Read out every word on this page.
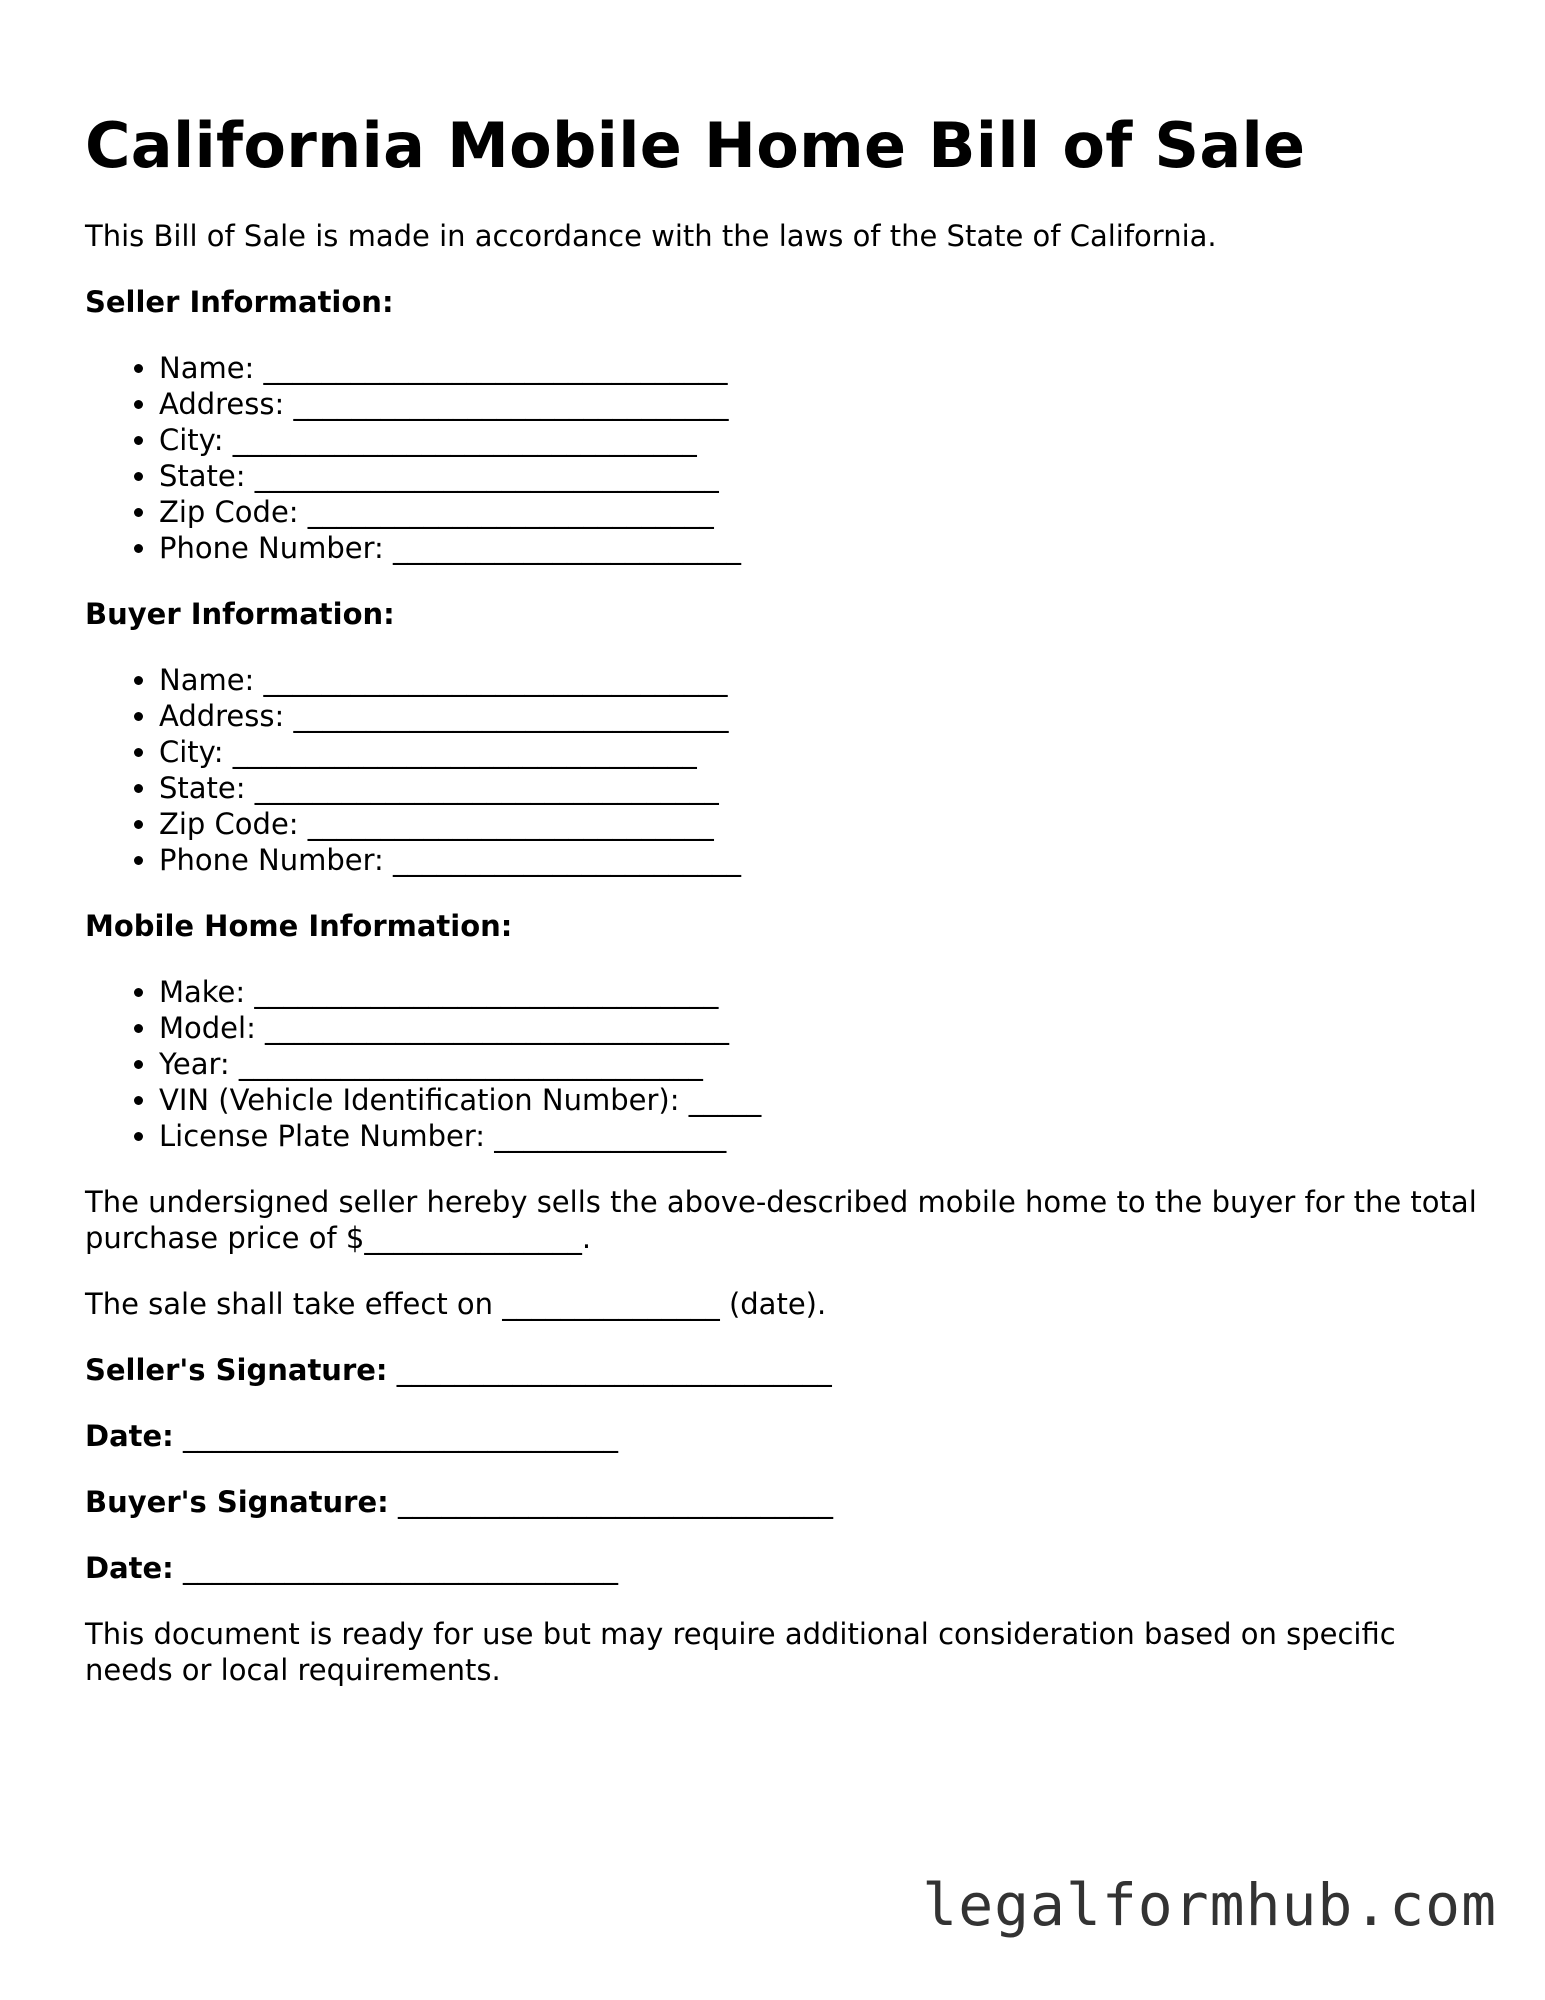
California Mobile Home Bill of Sale

This Bill of Sale is made in accordance with the laws of the State of California.

Seller Information:
• Name: ________________________________
• Address: ______________________________
• City: ________________________________
• State: ________________________________
• Zip Code: ____________________________
• Phone Number: ________________________
Buyer Information:
• Name: ________________________________
• Address: ______________________________
• City: ________________________________
• State: ________________________________
• Zip Code: ____________________________
• Phone Number: ________________________
Mobile Home Information:
• Make: ________________________________
• Model: ________________________________
• Year: ________________________________
• VIN (Vehicle Identification Number): _____
• License Plate Number: ________________

The undersigned seller hereby sells the above-described mobile home to the buyer for the total purchase price of $_______________.

The sale shall take effect on _______________ (date).

Seller's Signature: ______________________________
Date: ______________________________
Buyer's Signature: ______________________________
Date: ______________________________

This document is ready for use but may require additional consideration based on specific needs or local requirements.

legalformhub.com
